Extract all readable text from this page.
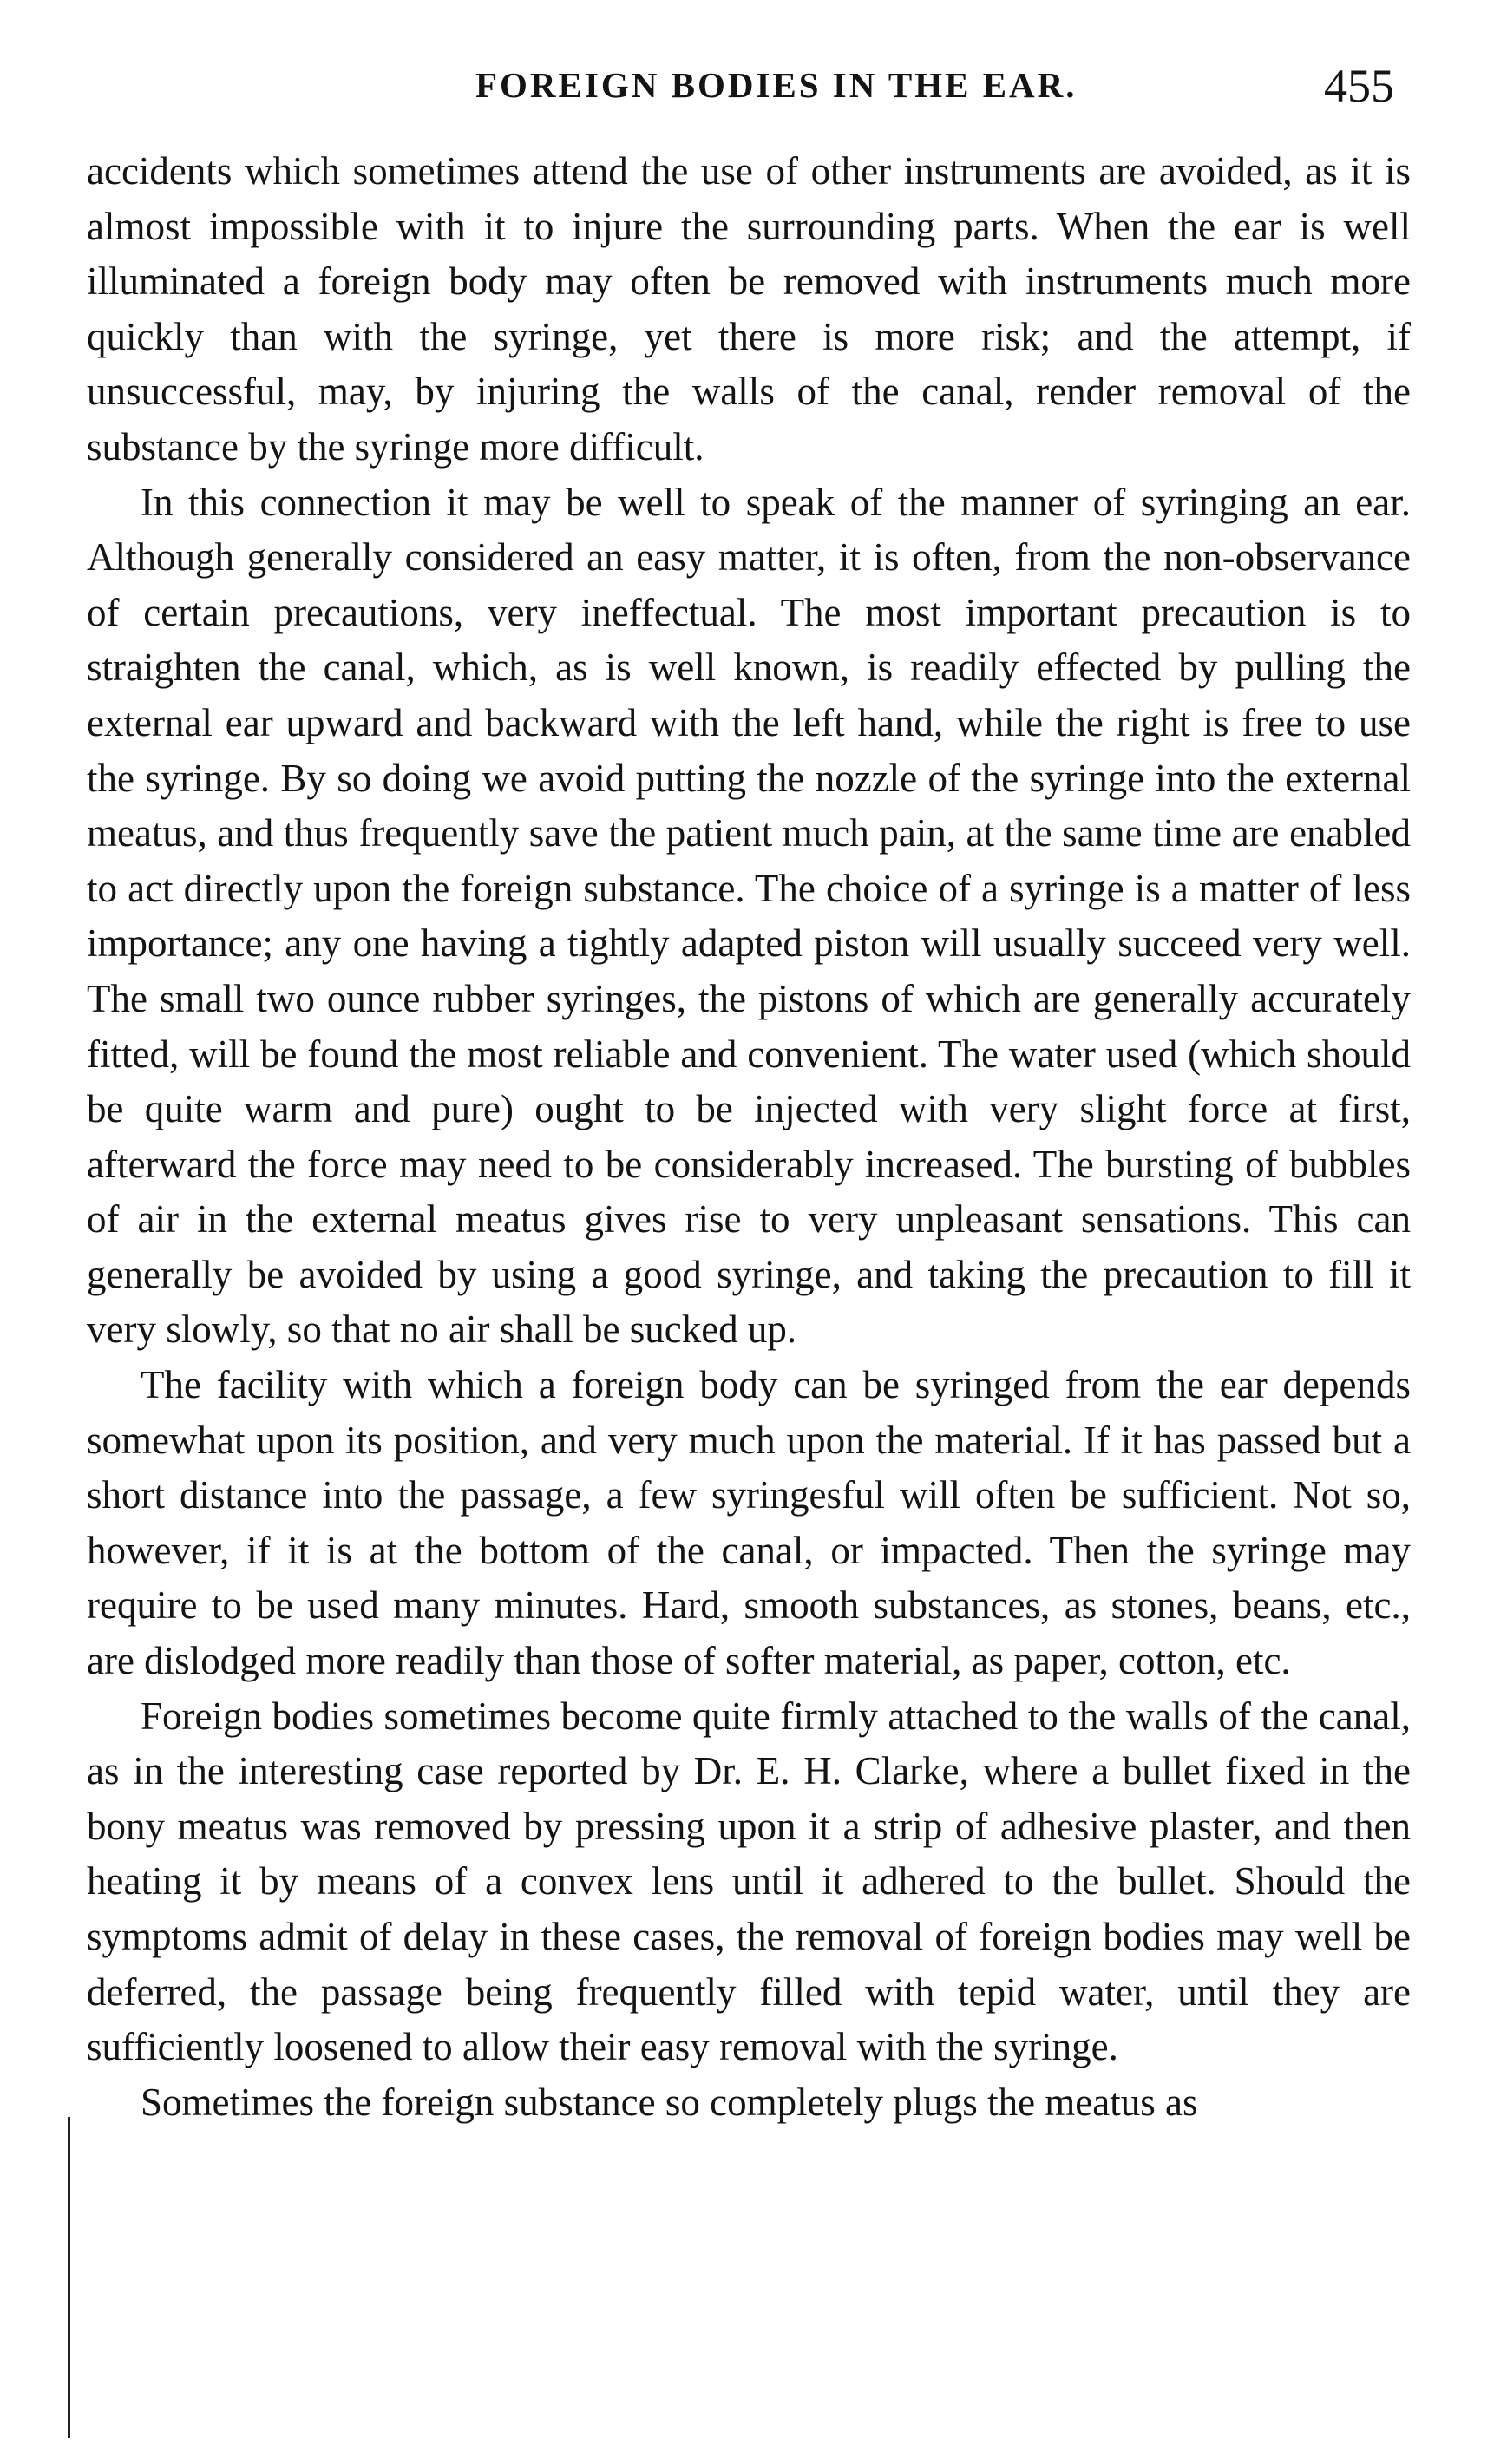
FOREIGN BODIES IN THE EAR.	455

accidents which sometimes attend the use of other instruments are avoided, as it is almost impossible with it to injure the surrounding parts. When the ear is well illuminated a foreign body may often be removed with instruments much more quickly than with the syringe, yet there is more risk; and the attempt, if unsuccessful, may, by injuring the walls of the canal, render removal of the substance by the syringe more difficult.

In this connection it may be well to speak of the manner of syringing an ear. Although generally considered an easy matter, it is often, from the non-observance of certain precautions, very ineffectual. The most important precaution is to straighten the canal, which, as is well known, is readily effected by pulling the external ear upward and backward with the left hand, while the right is free to use the syringe. By so doing we avoid putting the nozzle of the syringe into the external meatus, and thus frequently save the patient much pain, at the same time are enabled to act directly upon the foreign substance. The choice of a syringe is a matter of less importance; any one having a tightly adapted piston will usually succeed very well. The small two ounce rubber syringes, the pistons of which are generally accurately fitted, will be found the most reliable and convenient. The water used (which should be quite warm and pure) ought to be injected with very slight force at first, afterward the force may need to be considerably increased. The bursting of bubbles of air in the external meatus gives rise to very unpleasant sensations. This can generally be avoided by using a good syringe, and taking the precaution to fill it very slowly, so that no air shall be sucked up.

The facility with which a foreign body can be syringed from the ear depends somewhat upon its position, and very much upon the material. If it has passed but a short distance into the passage, a few syringesful will often be sufficient. Not so, however, if it is at the bottom of the canal, or impacted. Then the syringe may require to be used many minutes. Hard, smooth substances, as stones, beans, etc., are dislodged more readily than those of softer material, as paper, cotton, etc.

Foreign bodies sometimes become quite firmly attached to the walls of the canal, as in the interesting case reported by Dr. E. H. Clarke, where a bullet fixed in the bony meatus was removed by pressing upon it a strip of adhesive plaster, and then heating it by means of a convex lens until it adhered to the bullet. Should the symptoms admit of delay in these cases, the removal of foreign bodies may well be deferred, the passage being frequently filled with tepid water, until they are sufficiently loosened to allow their easy removal with the syringe.

Sometimes the foreign substance so completely plugs the meatus as
